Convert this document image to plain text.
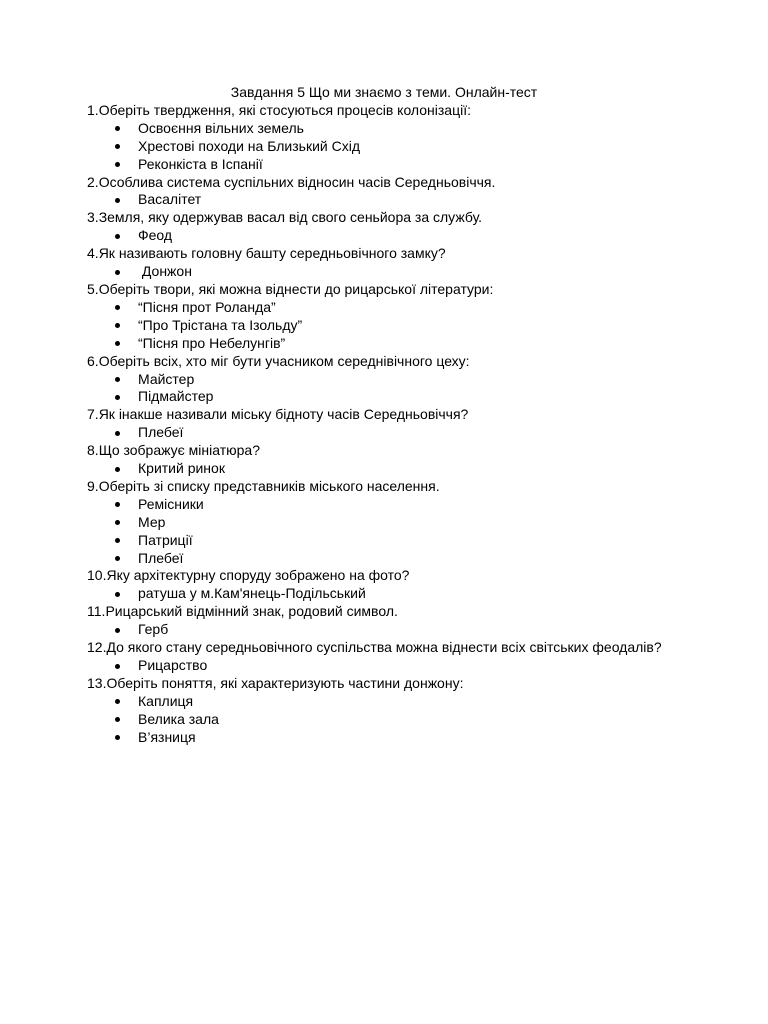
Завдання 5 Що ми знаємо з теми. Онлайн-тест
1.Оберіть твердження, які стосуються процесів колонізації:
Освоєння вільних земель
Хрестові походи на Близький Схід
Реконкіста в Іспанії
2.Особлива система суспільних відносин часів Середньовіччя.
Васалітет
3.Земля, яку одержував васал від свого сеньйора за службу.
Феод
4.Як називають головну башту середньовічного замку?
Донжон
5.Оберіть твори, які можна віднести до рицарської літератури:
“Пісня прот Роланда”
“Про Трістана та Ізольду”
“Пісня про Небелунгів”
6.Оберіть всіх, хто міг бути учасником середнівічного цеху:
Майстер
Підмайстер
7.Як інакше називали міську бідноту часів Середньовіччя?
Плебеї
8.Що зображує мініатюра?
Критий ринок
9.Оберіть зі списку представників міського населення.
Ремісники
Мер
Патриції
Плебеї
10.Яку архітектурну споруду зображено на фото?
ратуша у м.Кам'янець-Подільський
11.Рицарський відмінний знак, родовий символ.
Герб
12.До якого стану середньовічного суспільства можна віднести всіх світських феодалів?
Рицарство
13.Оберіть поняття, які характеризують частини донжону:
Каплиця
Велика зала
В’язниця
